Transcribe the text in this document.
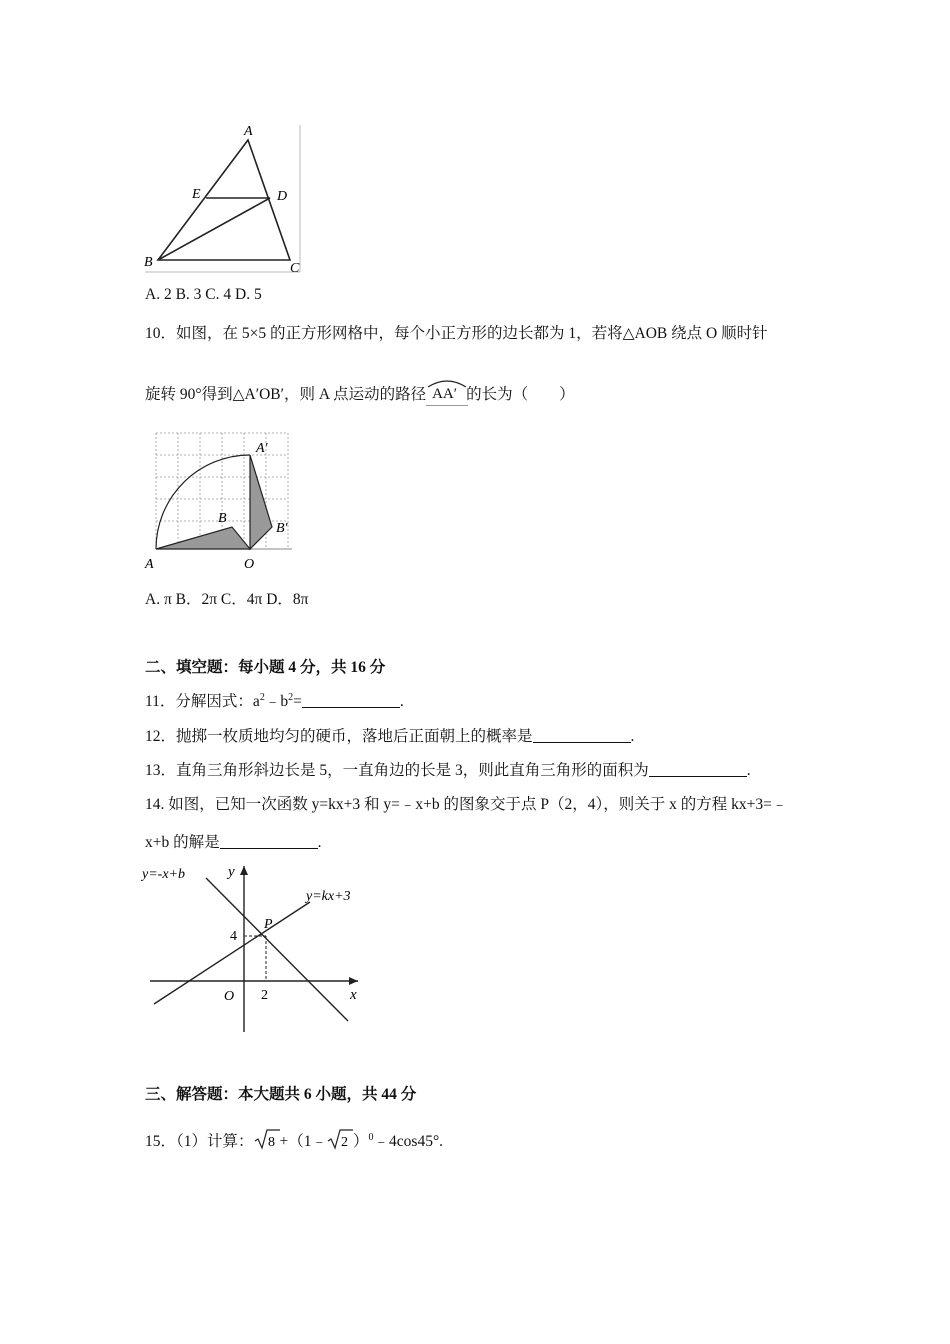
A
E	D
B	C
A. 2 B. 3 C. 4 D. 5
10．如图，在 5×5 的正方形网格中，每个小正方形的边长都为 1，若将△AOB 绕点 O 顺时针
旋转 90°得到△A′OB′，则 A 点运动的路径 AA′ 的长为（　　）
A′
B
B′
A	O
A. π B．2π C．4π D．8π
二、填空题：每小题 4 分，共 16 分
11．分解因式：$a^2﹣b^2=$	.
12．抛掷一枚质地均匀的硬币，落地后正面朝上的概率是	.
13．直角三角形斜边长是 5，一直角边的长是 3，则此直角三角形的面积为	.
14. 如图，已知一次函数 y=kx+3 和 y=﹣x+b 的图象交于点 P（2，4），则关于 x 的方程 kx+3=﹣
x+b 的解是	.
y=-x+b	y
y=kx+3
P
4
O 2	x
三、解答题：本大题共 6 小题，共 44 分
15．（1）计算： 8 +（1﹣ 2 ）$^0$﹣4cos45°.
